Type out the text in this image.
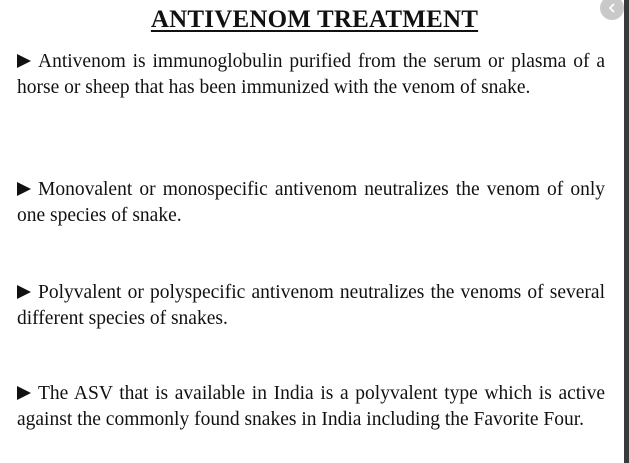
ANTIVENOM TREATMENT
Antivenom is immunoglobulin purified from the serum or plasma of a horse or sheep that has been immunized with the venom of snake.
Monovalent or monospecific antivenom neutralizes the venom of only one species of snake.
Polyvalent or polyspecific antivenom neutralizes the venoms of several different species of snakes.
The ASV that is available in India is a polyvalent type which is active against the commonly found snakes in India including the Favorite Four.
